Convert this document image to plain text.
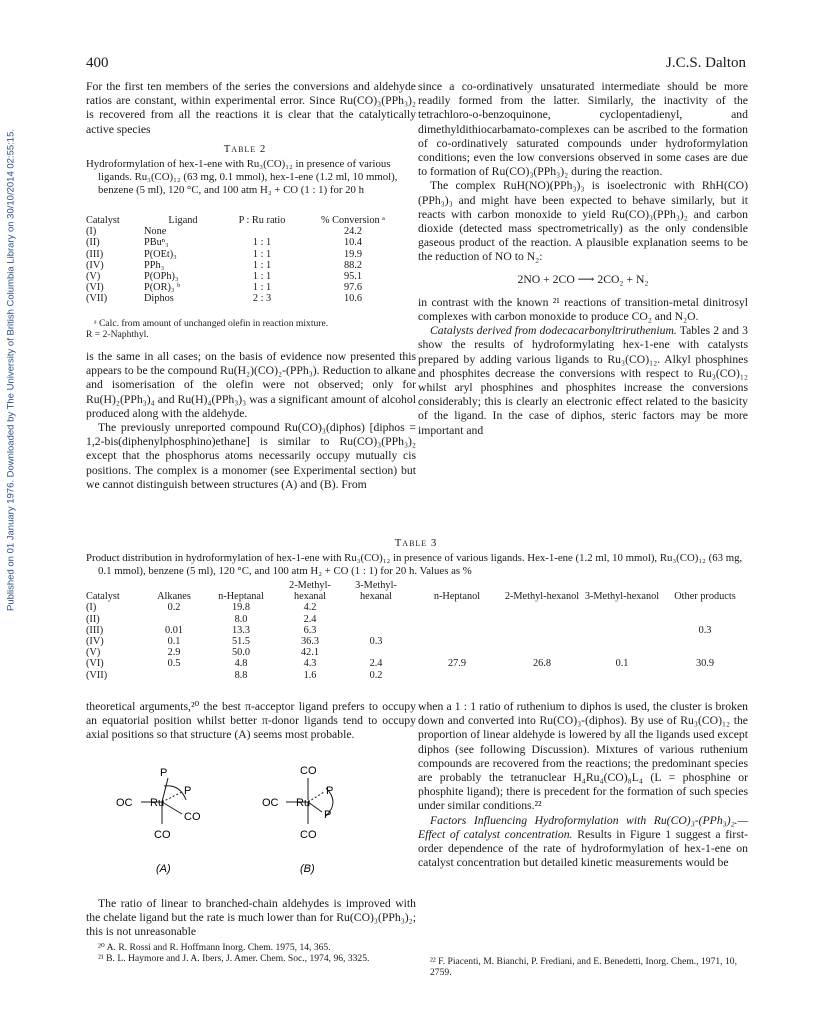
Published on 01 January 1976. Downloaded by The University of British Columbia Library on 30/10/2014 02:55:15.
400	J.C.S. Dalton

For the first ten members of the series the conversions and aldehyde ratios are constant, within experimental error. Since Ru(CO)₃(PPh₃)₂ is recovered from all the reactions it is clear that the catalytically active species

Table 2
Hydroformylation of hex-1-ene with Ru₃(CO)₁₂ in presence of various ligands. Ru₃(CO)₁₂ (63 mg, 0.1 mmol), hex-1-ene (1.2 ml, 10 mmol), benzene (5 ml), 120 °C, and 100 atm H₂ + CO (1 : 1) for 20 h
Catalyst	Ligand	P : Ru ratio	% Conversion ᵃ
(I)	None		24.2
(II)	PBuⁿ₃	1 : 1	10.4
(III)	P(OEt)₃	1 : 1	19.9
(IV)	PPh₃	1 : 1	88.2
(V)	P(OPh)₃	1 : 1	95.1
(VI)	P(OR)₃ ᵇ	1 : 1	97.6
(VII)	Diphos	2 : 3	10.6
ᵃ Calc. from amount of unchanged olefin in reaction mixture.
R = 2-Naphthyl.

is the same in all cases; on the basis of evidence now presented this appears to be the compound Ru(H₂)(CO)₂-(PPh₃). Reduction to alkane and isomerisation of the olefin were not observed; only for Ru(H)₂(PPh₃)₄ and Ru(H)₄(PPh₃)₃ was a significant amount of alcohol produced along with the aldehyde.

The previously unreported compound Ru(CO)₃(diphos) [diphos = 1,2-bis(diphenylphosphino)ethane] is similar to Ru(CO)₃(PPh₃)₂ except that the phosphorus atoms necessarily occupy mutually cis positions. The complex is a monomer (see Experimental section) but we cannot distinguish between structures (A) and (B). From

since a co-ordinatively unsaturated intermediate should be more readily formed from the latter. Similarly, the inactivity of the tetrachloro-o-benzoquinone, cyclopentadienyl, and dimethyldithiocarbamato-complexes can be ascribed to the formation of co-ordinatively saturated compounds under hydroformylation conditions; even the low conversions observed in some cases are due to formation of Ru(CO)₃(PPh₃)₂ during the reaction.

The complex RuH(NO)(PPh₃)₃ is isoelectronic with RhH(CO)(PPh₃)₃ and might have been expected to behave similarly, but it reacts with carbon monoxide to yield Ru(CO)₃(PPh₃)₂ and carbon dioxide (detected mass spectrometrically) as the only condensible gaseous product of the reaction. A plausible explanation seems to be the reduction of NO to N₂:

2NO + 2CO ⟶ 2CO₂ + N₂

in contrast with the known ²¹ reactions of transition-metal dinitrosyl complexes with carbon monoxide to produce CO₂ and N₂O.

Catalysts derived from dodecacarbonyltriruthenium. Tables 2 and 3 show the results of hydroformylating hex-1-ene with catalysts prepared by adding various ligands to Ru₃(CO)₁₂. Alkyl phosphines and phosphites decrease the conversions with respect to Ru₃(CO)₁₂ whilst aryl phosphines and phosphites increase the conversions considerably; this is clearly an electronic effect related to the basicity of the ligand. In the case of diphos, steric factors may be more important and

Table 3
Product distribution in hydroformylation of hex-1-ene with Ru₃(CO)₁₂ in presence of various ligands. Hex-1-ene (1.2 ml, 10 mmol), Ru₃(CO)₁₂ (63 mg, 0.1 mmol), benzene (5 ml), 120 °C, and 100 atm H₂ + CO (1 : 1) for 20 h. Values as %
Catalyst	Alkanes	n-Heptanal	2-Methyl-hexanal	3-Methyl-hexanal	n-Heptanol	2-Methyl-hexanol	3-Methyl-hexanol	Other products
(I)	0.2	19.8	4.2					
(II)		8.0	2.4					
(III)	0.01	13.3	6.3					0.3
(IV)	0.1	51.5	36.3	0.3				
(V)	2.9	50.0	42.1					
(VI)	0.5	4.8	4.3	2.4	27.9	26.8	0.1	30.9
(VII)		8.8	1.6	0.2				

theoretical arguments,²⁰ the best π-acceptor ligand prefers to occupy an equatorial position whilst better π-donor ligands tend to occupy axial positions so that structure (A) seems most probable.

P
P
OC Ru
CO
CO
(A)
CO
P
OC Ru
P
CO
(B)

The ratio of linear to branched-chain aldehydes is improved with the chelate ligand but the rate is much lower than for Ru(CO)₃(PPh₃)₂; this is not unreasonable

²⁰ A. R. Rossi and R. Hoffmann Inorg. Chem. 1975, 14, 365.
²¹ B. L. Haymore and J. A. Ibers, J. Amer. Chem. Soc., 1974, 96, 3325.

when a 1 : 1 ratio of ruthenium to diphos is used, the cluster is broken down and converted into Ru(CO)₃-(diphos). By use of Ru₃(CO)₁₂ the proportion of linear aldehyde is lowered by all the ligands used except diphos (see following Discussion). Mixtures of various ruthenium compounds are recovered from the reactions; the predominant species are probably the tetranuclear H₄Ru₄(CO)₈L₄ (L = phosphine or phosphite ligand); there is precedent for the formation of such species under similar conditions.²²

Factors Influencing Hydroformylation with Ru(CO)₃-(PPh₃)₂.—Effect of catalyst concentration. Results in Figure 1 suggest a first-order dependence of the rate of hydroformylation of hex-1-ene on catalyst concentration but detailed kinetic measurements would be

²² F. Piacenti, M. Bianchi, P. Frediani, and E. Benedetti, Inorg. Chem., 1971, 10, 2759.
